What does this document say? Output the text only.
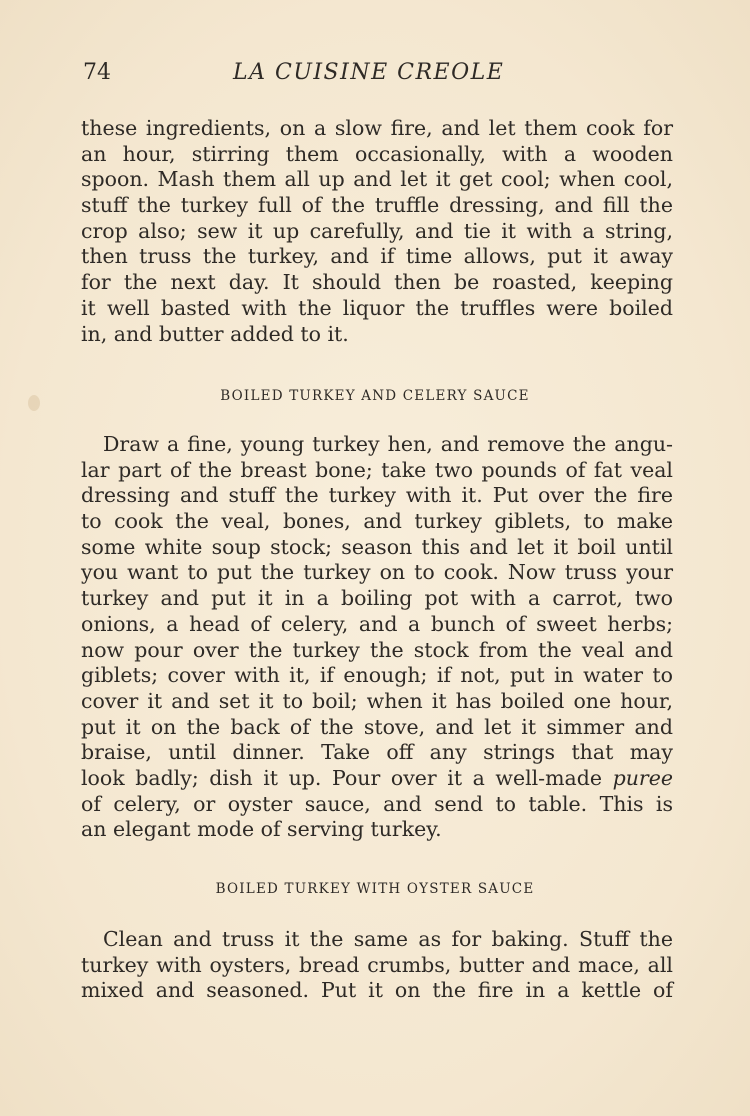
74	LA CUISINE CREOLE
these ingredients, on a slow fire, and let them cook for
an hour, stirring them occasionally, with a wooden
spoon. Mash them all up and let it get cool; when cool,
stuff the turkey full of the truffle dressing, and fill the
crop also; sew it up carefully, and tie it with a string,
then truss the turkey, and if time allows, put it away
for the next day. It should then be roasted, keeping
it well basted with the liquor the truffles were boiled
in, and butter added to it.
BOILED TURKEY AND CELERY SAUCE
Draw a fine, young turkey hen, and remove the angu-
lar part of the breast bone; take two pounds of fat veal
dressing and stuff the turkey with it. Put over the fire
to cook the veal, bones, and turkey giblets, to make
some white soup stock; season this and let it boil until
you want to put the turkey on to cook. Now truss your
turkey and put it in a boiling pot with a carrot, two
onions, a head of celery, and a bunch of sweet herbs;
now pour over the turkey the stock from the veal and
giblets; cover with it, if enough; if not, put in water to
cover it and set it to boil; when it has boiled one hour,
put it on the back of the stove, and let it simmer and
braise, until dinner. Take off any strings that may
look badly; dish it up. Pour over it a well-made puree
of celery, or oyster sauce, and send to table. This is
an elegant mode of serving turkey.
BOILED TURKEY WITH OYSTER SAUCE
Clean and truss it the same as for baking. Stuff the
turkey with oysters, bread crumbs, butter and mace, all
mixed and seasoned. Put it on the fire in a kettle of
